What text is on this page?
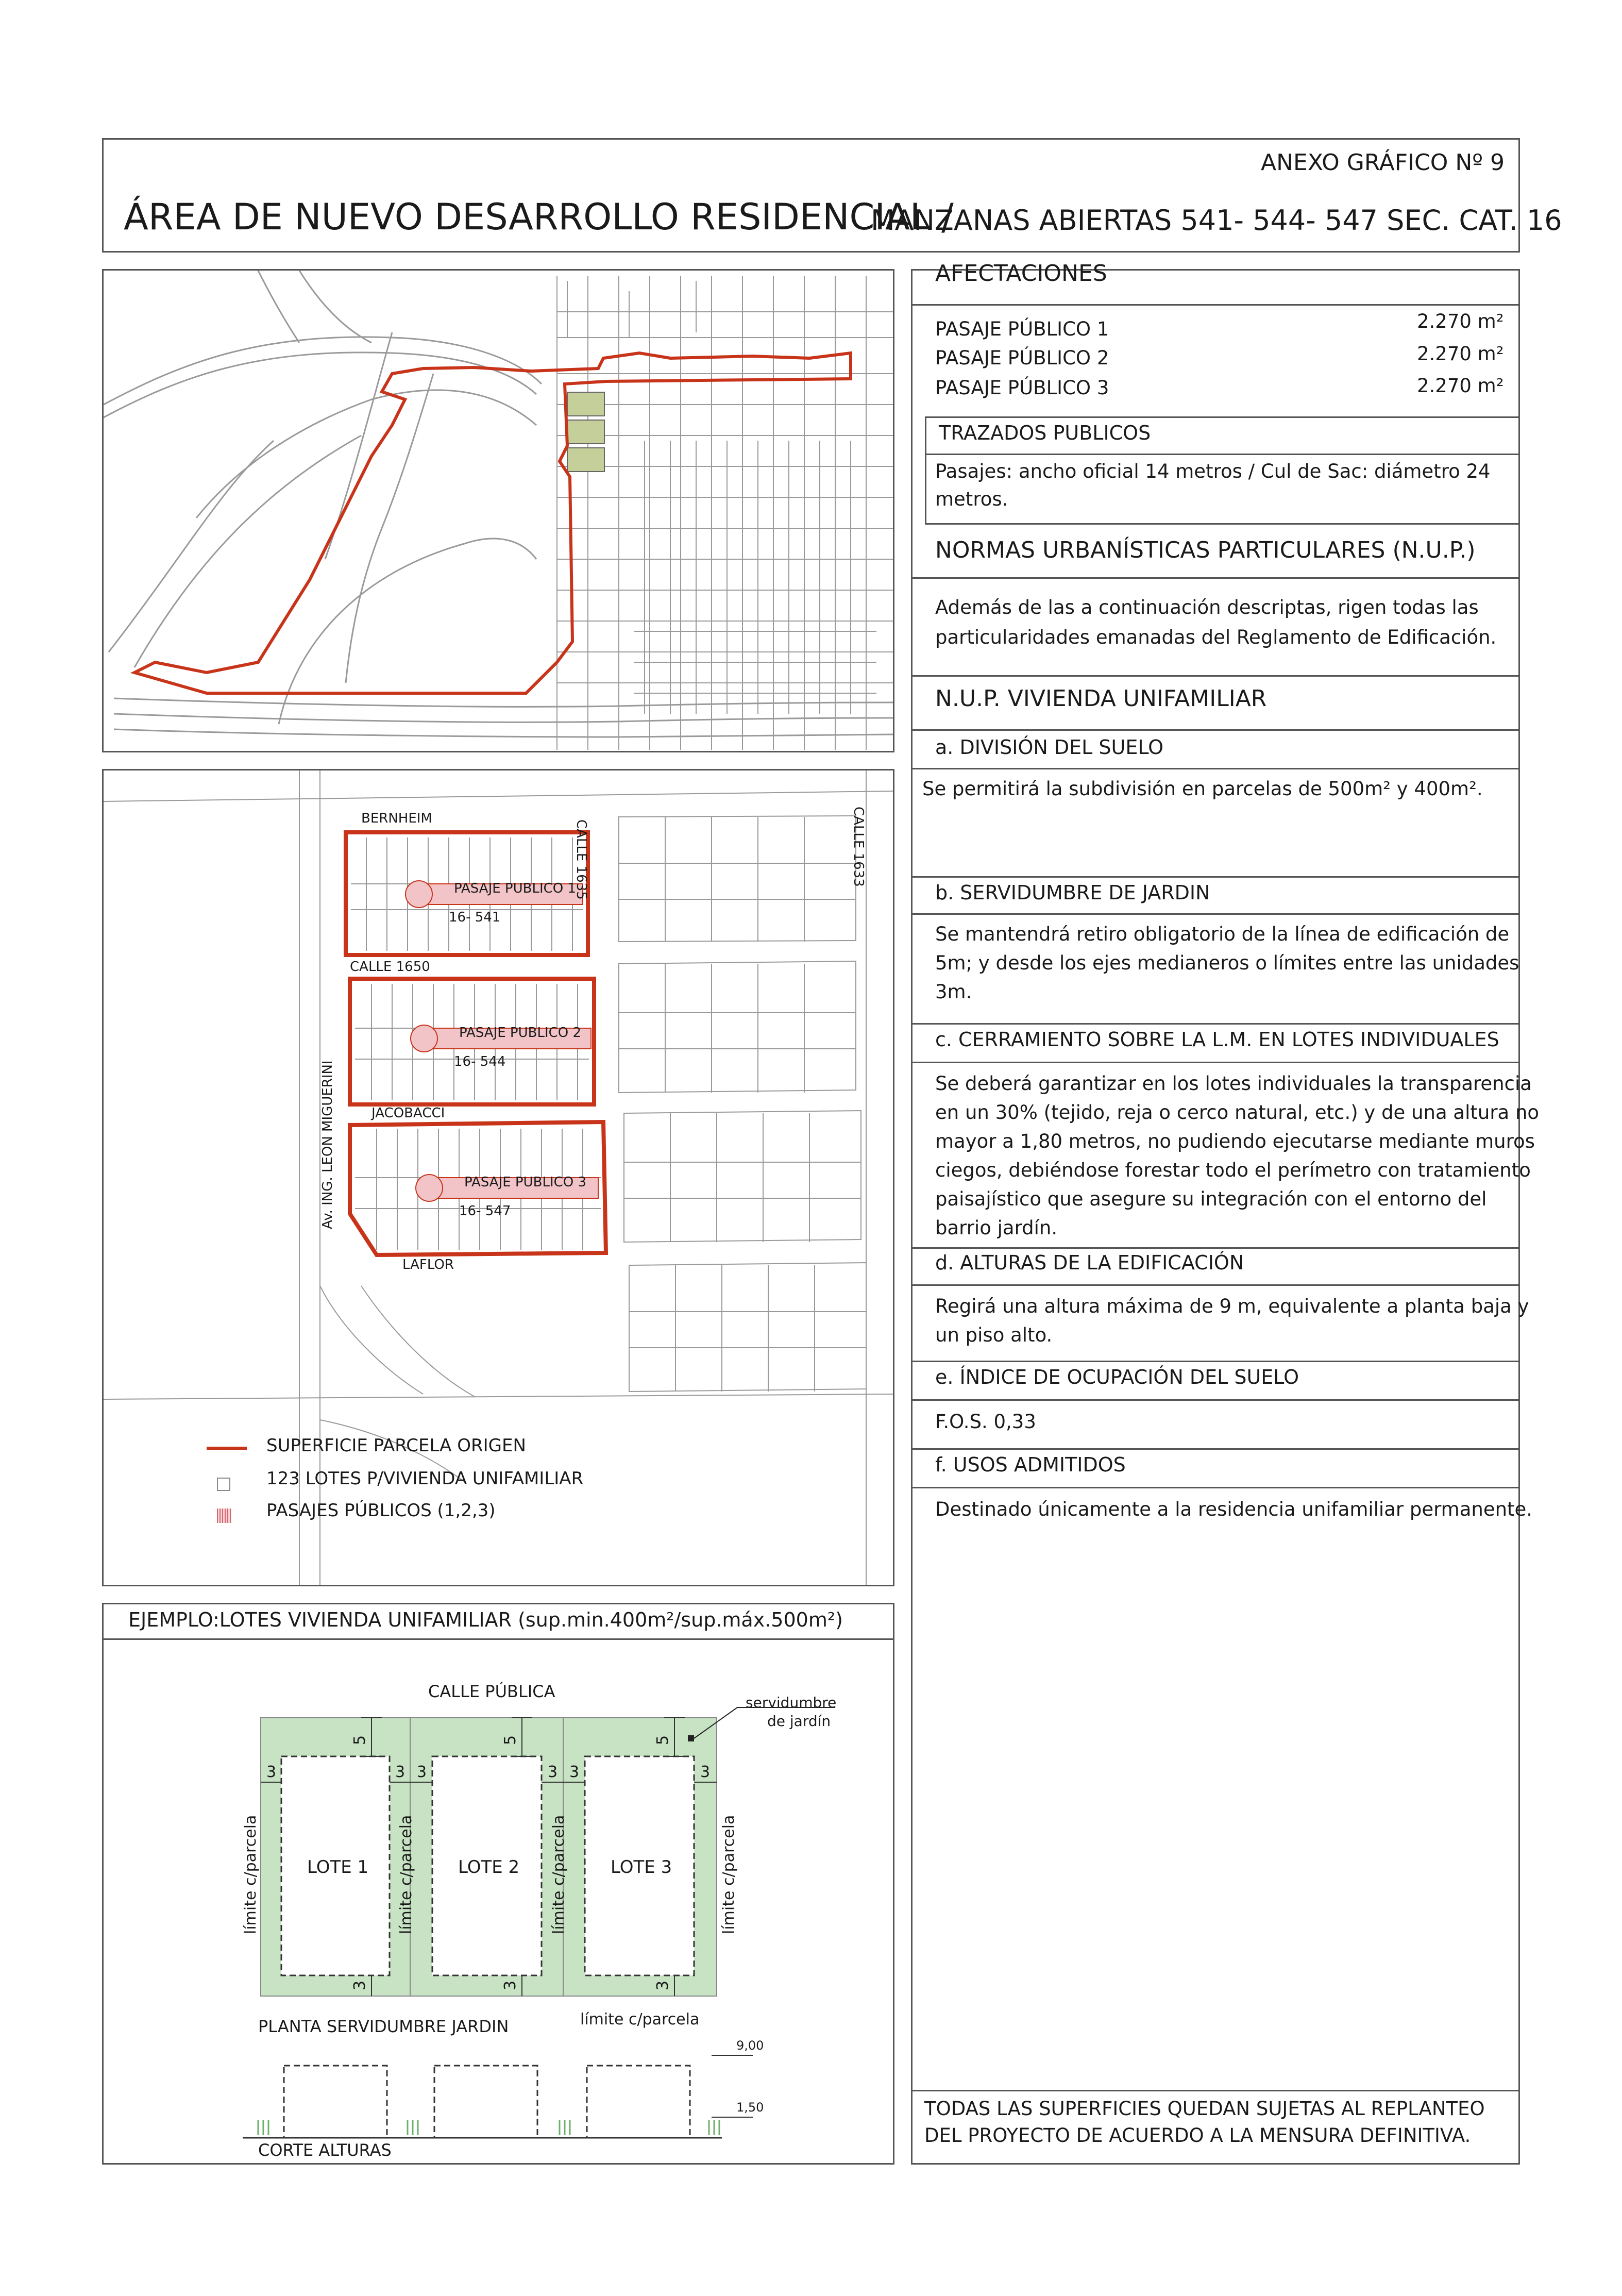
ANEXO GRÁFICO Nº 9
ÁREA DE NUEVO DESARROLLO RESIDENCIAL /
MANZANAS ABIERTAS 541- 544- 547 SEC. CAT. 16
BERNHEIM
CALLE 1650
JACOBACCI
LAFLOR
CALLE 1635	CALLE 1633
Av. ING. LEON MIGUERINI
PASAJE PUBLICO 1
16- 541
PASAJE PUBLICO 2
16- 544
PASAJE PUBLICO 3
16- 547
SUPERFICIE PARCELA ORIGEN
123 LOTES P/VIVIENDA UNIFAMILIAR
PASAJES PÚBLICOS (1,2,3)
EJEMPLO:LOTES VIVIENDA UNIFAMILIAR (sup.min.400m²/sup.máx.500m²)
CALLE PÚBLICA
servidumbre
de jardín
5	5	5
3	3 3	3 3	3
3	3	3
LOTE 1	LOTE 2	LOTE 3
límite c/parcela	límite c/parcela	límite c/parcela	límite c/parcela
PLANTA SERVIDUMBRE JARDIN	límite c/parcela
9,00
1,50
CORTE ALTURAS
AFECTACIONES
PASAJE PÚBLICO 1	2.270 m²
PASAJE PÚBLICO 2	2.270 m²
PASAJE PÚBLICO 3	2.270 m²
TRAZADOS PUBLICOS
Pasajes: ancho oficial 14 metros / Cul de Sac: diámetro 24
metros.
NORMAS URBANÍSTICAS PARTICULARES (N.U.P.)
Además de las a continuación descriptas, rigen todas las
particularidades emanadas del Reglamento de Edificación.
N.U.P. VIVIENDA UNIFAMILIAR
a. DIVISIÓN DEL SUELO
Se permitirá la subdivisión en parcelas de 500m² y 400m².
b. SERVIDUMBRE DE JARDIN
Se mantendrá retiro obligatorio de la línea de edificación de
5m; y desde los ejes medianeros o límites entre las unidades
3m.
c. CERRAMIENTO SOBRE LA L.M. EN LOTES INDIVIDUALES
Se deberá garantizar en los lotes individuales la transparencia
en un 30% (tejido, reja o cerco natural, etc.) y de una altura no
mayor a 1,80 metros, no pudiendo ejecutarse mediante muros
ciegos, debiéndose forestar todo el perímetro con tratamiento
paisajístico que asegure su integración con el entorno del
barrio jardín.
d. ALTURAS DE LA EDIFICACIÓN
Regirá una altura máxima de 9 m, equivalente a planta baja y
un piso alto.
e. ÍNDICE DE OCUPACIÓN DEL SUELO
F.O.S. 0,33
f. USOS ADMITIDOS
Destinado únicamente a la residencia unifamiliar permanente.
TODAS LAS SUPERFICIES QUEDAN SUJETAS AL REPLANTEO
DEL PROYECTO DE ACUERDO A LA MENSURA DEFINITIVA.
